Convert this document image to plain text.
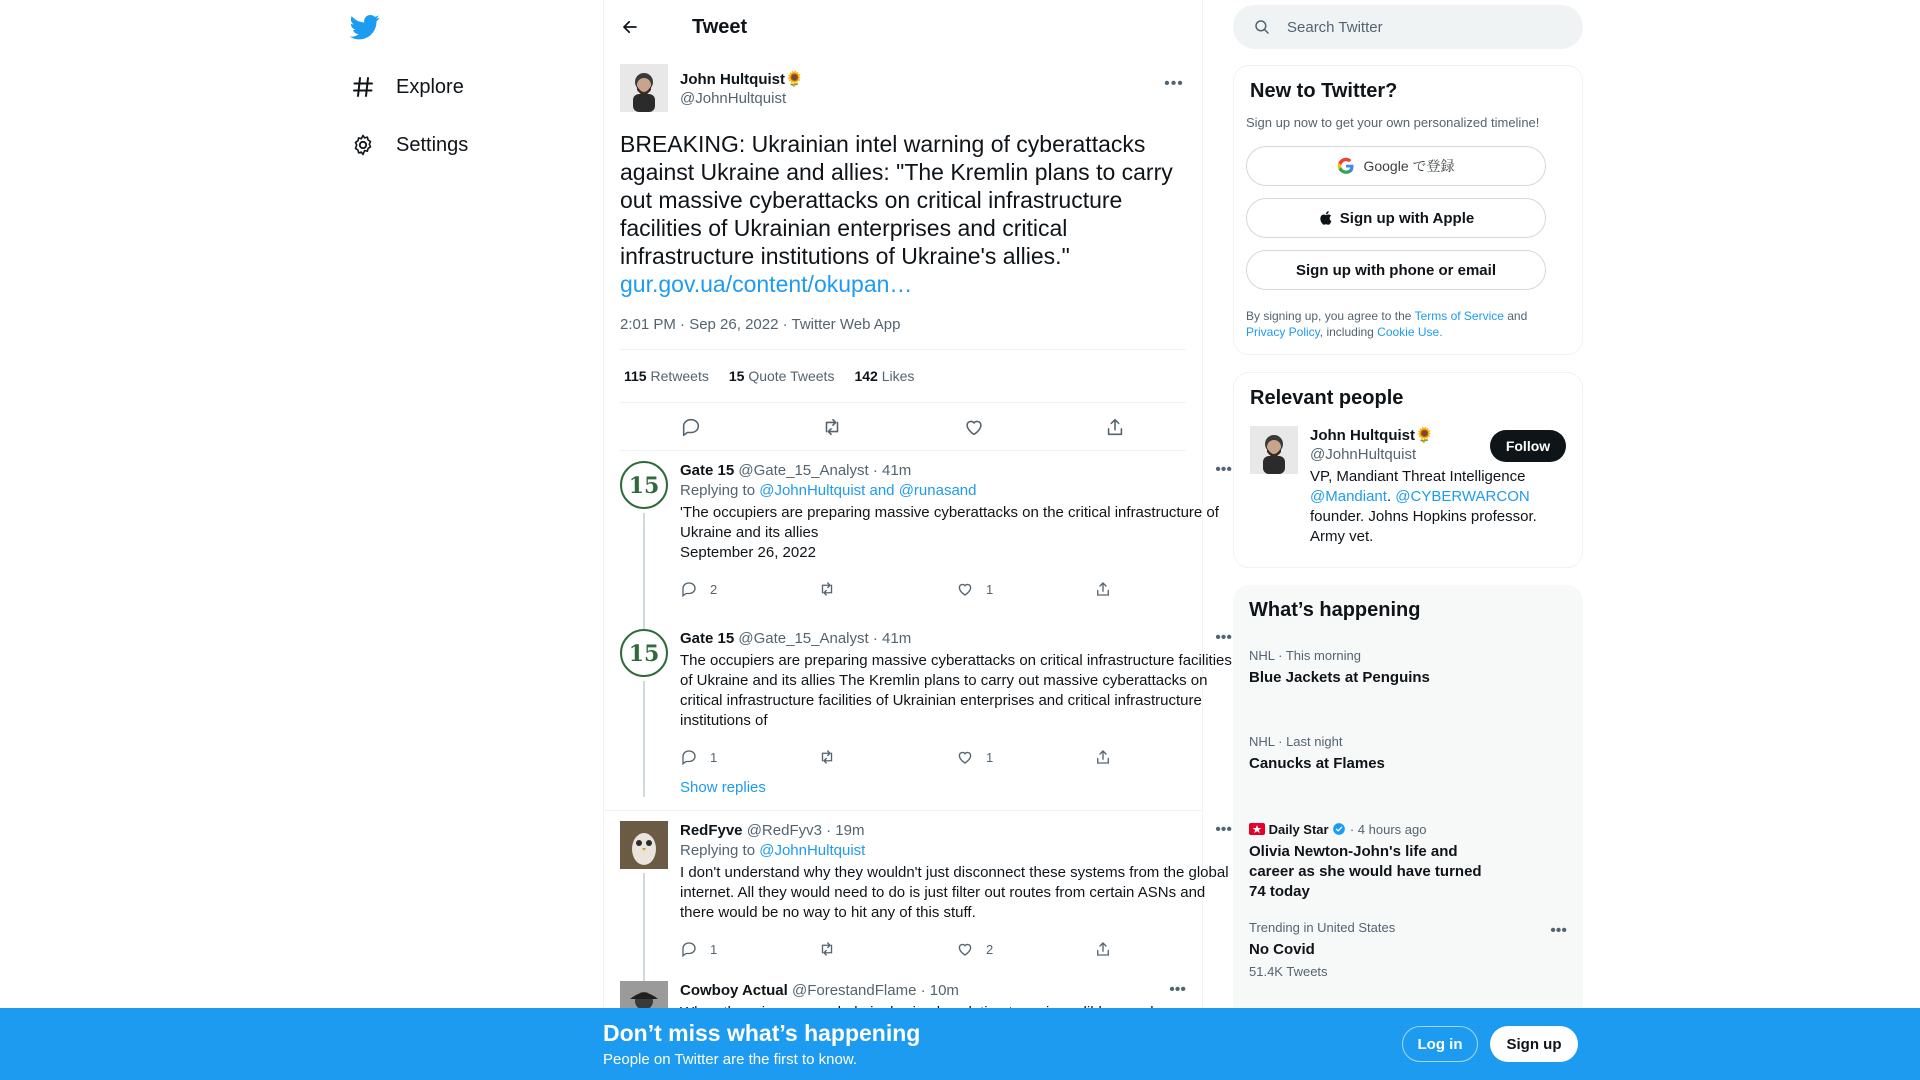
Explore
Settings
Tweet
John Hultquist🌻
@JohnHultquist
•••
BREAKING: Ukrainian intel warning of cyberattacks against Ukraine and allies: "The Kremlin plans to carry out massive cyberattacks on critical infrastructure facilities of Ukrainian enterprises and critical infrastructure institutions of Ukraine's allies."
gur.gov.ua/content/okupan…
2:01 PM · Sep 26, 2022 · Twitter Web App
115 Retweets 15 Quote Tweets 142 Likes
15
Gate 15 @Gate_15_Analyst · 41m	•••
Replying to @JohnHultquist and @runasand
'The occupiers are preparing massive cyberattacks on the critical infrastructure of Ukraine and its allies
September 26, 2022
2	1
15
Gate 15 @Gate_15_Analyst · 41m	•••
The occupiers are preparing massive cyberattacks on critical infrastructure facilities of Ukraine and its allies The Kremlin plans to carry out massive cyberattacks on critical infrastructure facilities of Ukrainian enterprises and critical infrastructure institutions of
1	1
Show replies
RedFyve @RedFyv3 · 19m	•••
Replying to @JohnHultquist
I don't understand why they wouldn't just disconnect these systems from the global internet. All they would need to do is just filter out routes from certain ASNs and there would be no way to hit any of this stuff.
1	2
Cowboy Actual @ForestandFlame · 10m	•••
Search Twitter
New to Twitter?
Sign up now to get your own personalized timeline!
Google で登録
Sign up with Apple
Sign up with phone or email
By signing up, you agree to the Terms of Service and
Privacy Policy, including Cookie Use.
Relevant people
John Hultquist🌻
@JohnHultquist
VP, Mandiant Threat Intelligence @Mandiant. @CYBERWARCON founder. Johns Hopkins professor. Army vet.
Follow
What’s happening
NHL · This morning
Blue Jackets at Penguins
NHL · Last night
Canucks at Flames
Daily Star · 4 hours ago
Olivia Newton-John's life and career as she would have turned 74 today
Trending in United States	•••
No Covid
51.4K Tweets
Don’t miss what’s happening
People on Twitter are the first to know.
Log in	Sign up
